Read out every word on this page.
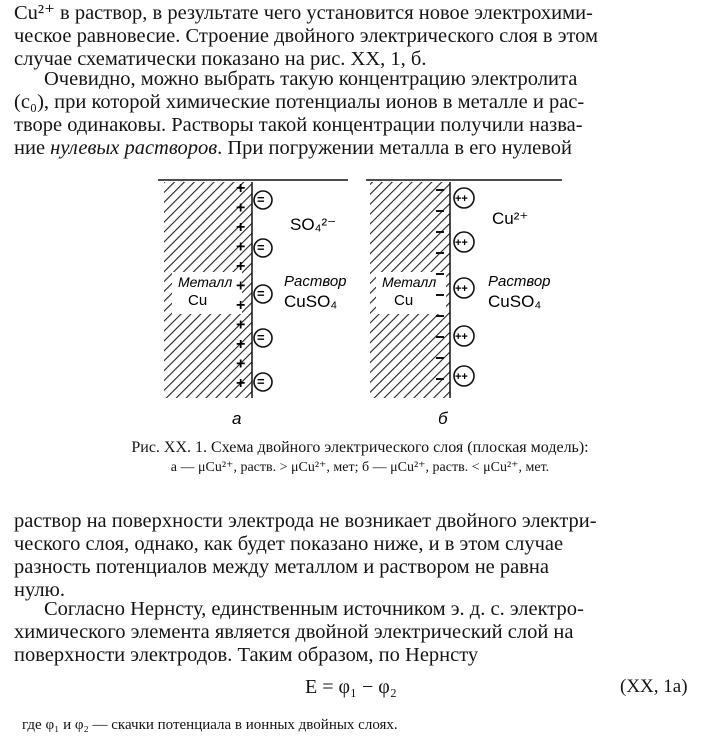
Cu²⁺ в раствор, в результате чего установится новое электрохими-
ческое равновесие. Строение двойного электрического слоя в этом
случае схематически показано на рис. XX, 1, б.

Очевидно, можно выбрать такую концентрацию электролита
(c₀), при которой химические потенциалы ионов в металле и рас-
творе одинаковы. Растворы такой концентрации получили назва-
ние нулевых растворов. При погружении металла в его нулевой

+
+
+
+
+
+
+
+
+
+
+
=
=
=
=
=
Металл
Cu
SO₄²⁻
Раствор
CuSO₄
а
++
++
++
++
++
Металл
Cu
Cu²⁺
Раствор
CuSO₄
б
Рис. XX. 1. Схема двойного электрического слоя (плоская модель):
а — μCu²⁺, раств. > μCu²⁺, мет; б — μCu²⁺, раств. < μCu²⁺, мет.

раствор на поверхности электрода не возникает двойного электри-
ческого слоя, однако, как будет показано ниже, и в этом случае
разность потенциалов между металлом и раствором не равна
нулю.

Согласно Нернсту, единственным источником э. д. с. электро-
химического элемента является двойной электрический слой на
поверхности электродов. Таким образом, по Нернсту

E = φ₁ − φ₂	(XX, 1a)
где φ₁ и φ₂ — скачки потенциала в ионных двойных слоях.
